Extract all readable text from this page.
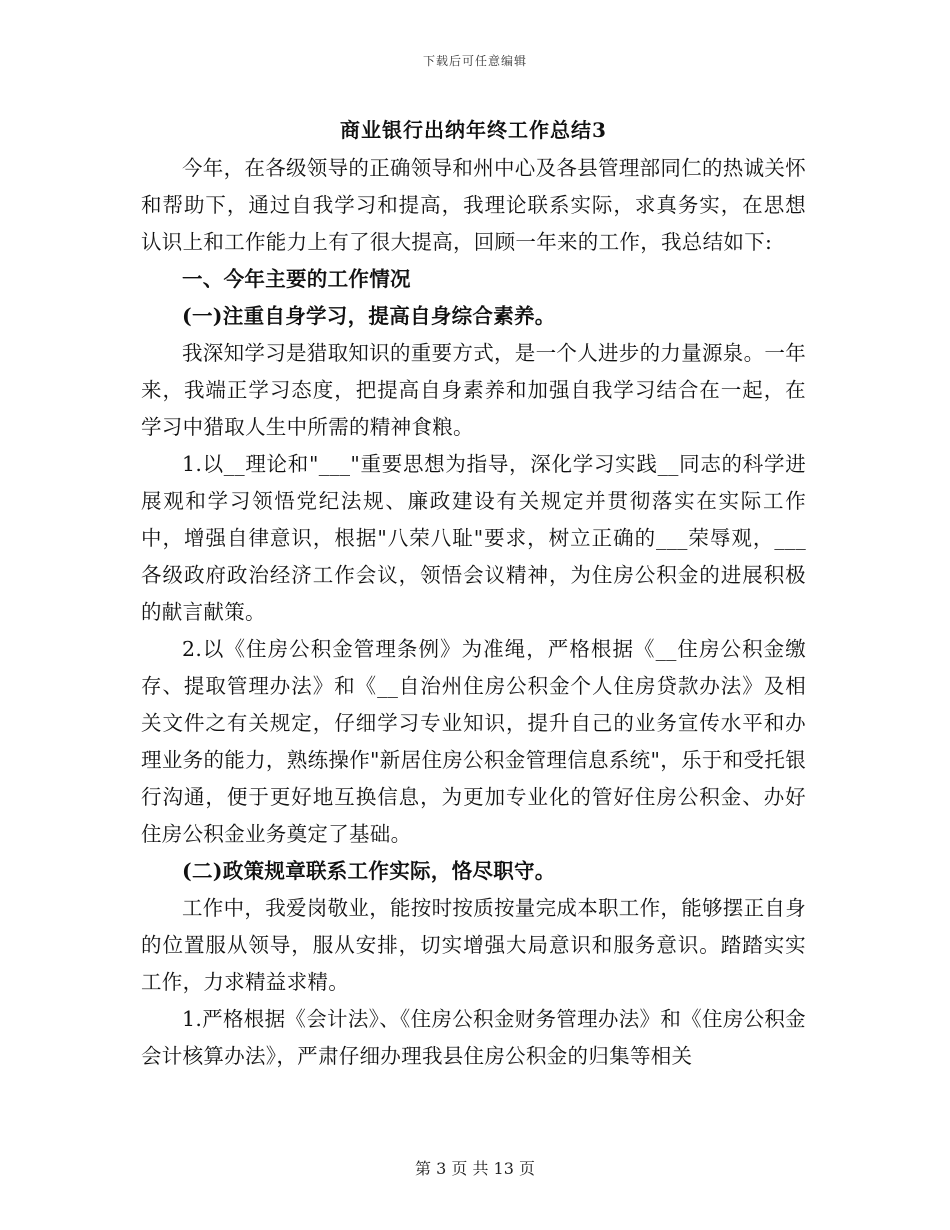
下载后可任意编辑
商业银行出纳年终工作总结3

今年，在各级领导的正确领导和州中心及各县管理部同仁的热诚关怀和帮助下，通过自我学习和提高，我理论联系实际，求真务实，在思想认识上和工作能力上有了很大提高，回顾一年来的工作，我总结如下:

一、今年主要的工作情况

(一)注重自身学习，提高自身综合素养。

我深知学习是猎取知识的重要方式，是一个人进步的力量源泉。一年来，我端正学习态度，把提高自身素养和加强自我学习结合在一起，在学习中猎取人生中所需的精神食粮。

1.以__理论和"___"重要思想为指导，深化学习实践__同志的科学进展观和学习领悟党纪法规、廉政建设有关规定并贯彻落实在实际工作中，增强自律意识，根据"八荣八耻"要求，树立正确的___荣辱观，___各级政府政治经济工作会议，领悟会议精神，为住房公积金的进展积极的献言献策。

2.以《住房公积金管理条例》为准绳，严格根据《__住房公积金缴存、提取管理办法》和《__自治州住房公积金个人住房贷款办法》及相关文件之有关规定，仔细学习专业知识，提升自己的业务宣传水平和办理业务的能力，熟练操作"新居住房公积金管理信息系统"，乐于和受托银行沟通，便于更好地互换信息，为更加专业化的管好住房公积金、办好住房公积金业务奠定了基础。

(二)政策规章联系工作实际，恪尽职守。

工作中，我爱岗敬业，能按时按质按量完成本职工作，能够摆正自身的位置服从领导，服从安排，切实增强大局意识和服务意识。踏踏实实工作，力求精益求精。

1.严格根据《会计法》、《住房公积金财务管理办法》和《住房公积金会计核算办法》，严肃仔细办理我县住房公积金的归集等相关

第 3 页 共 13 页
